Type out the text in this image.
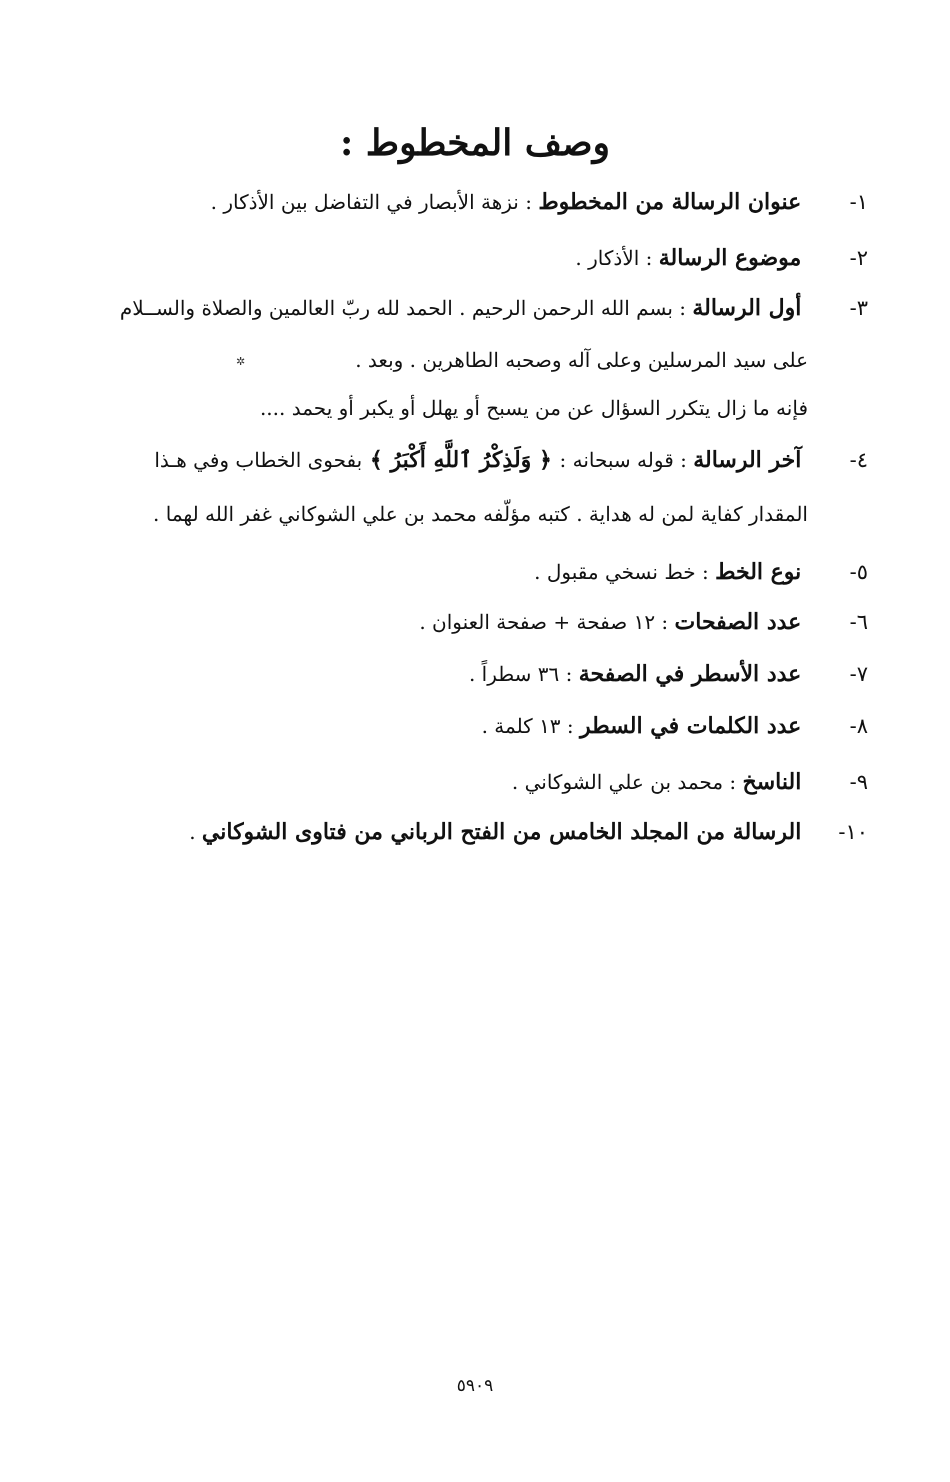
وصف المخطوط :
١- عنوان الرسالة من المخطوط : نزهة الأبصار في التفاضل بين الأذكار .
٢- موضوع الرسالة : الأذكار .
٣- أول الرسالة : بسم الله الرحمن الرحيم . الحمد لله ربّ العالمين والصلاة والســلام
على سيد المرسلين وعلى آله وصحبه الطاهرين . وبعد .
✲
فإنه ما زال يتكرر السؤال عن من يسبح أو يهلل أو يكبر أو يحمد ....
٤- آخر الرسالة : قوله سبحانه : ﴿ وَلَذِكْرُ ٱللَّهِ أَكْبَرُ ﴾ بفحوى الخطاب وفي هـذا
المقدار كفاية لمن له هداية . كتبه مؤلّفه محمد بن علي الشوكاني غفر الله لهما .
٥- نوع الخط : خط نسخي مقبول .
٦- عدد الصفحات : ١٢ صفحة + صفحة العنوان .
٧- عدد الأسطر في الصفحة : ٣٦ سطراً .
٨- عدد الكلمات في السطر : ١٣ كلمة .
٩- الناسخ : محمد بن علي الشوكاني .
١٠- الرسالة من المجلد الخامس من الفتح الرباني من فتاوى الشوكاني .
٥٩٠٩
